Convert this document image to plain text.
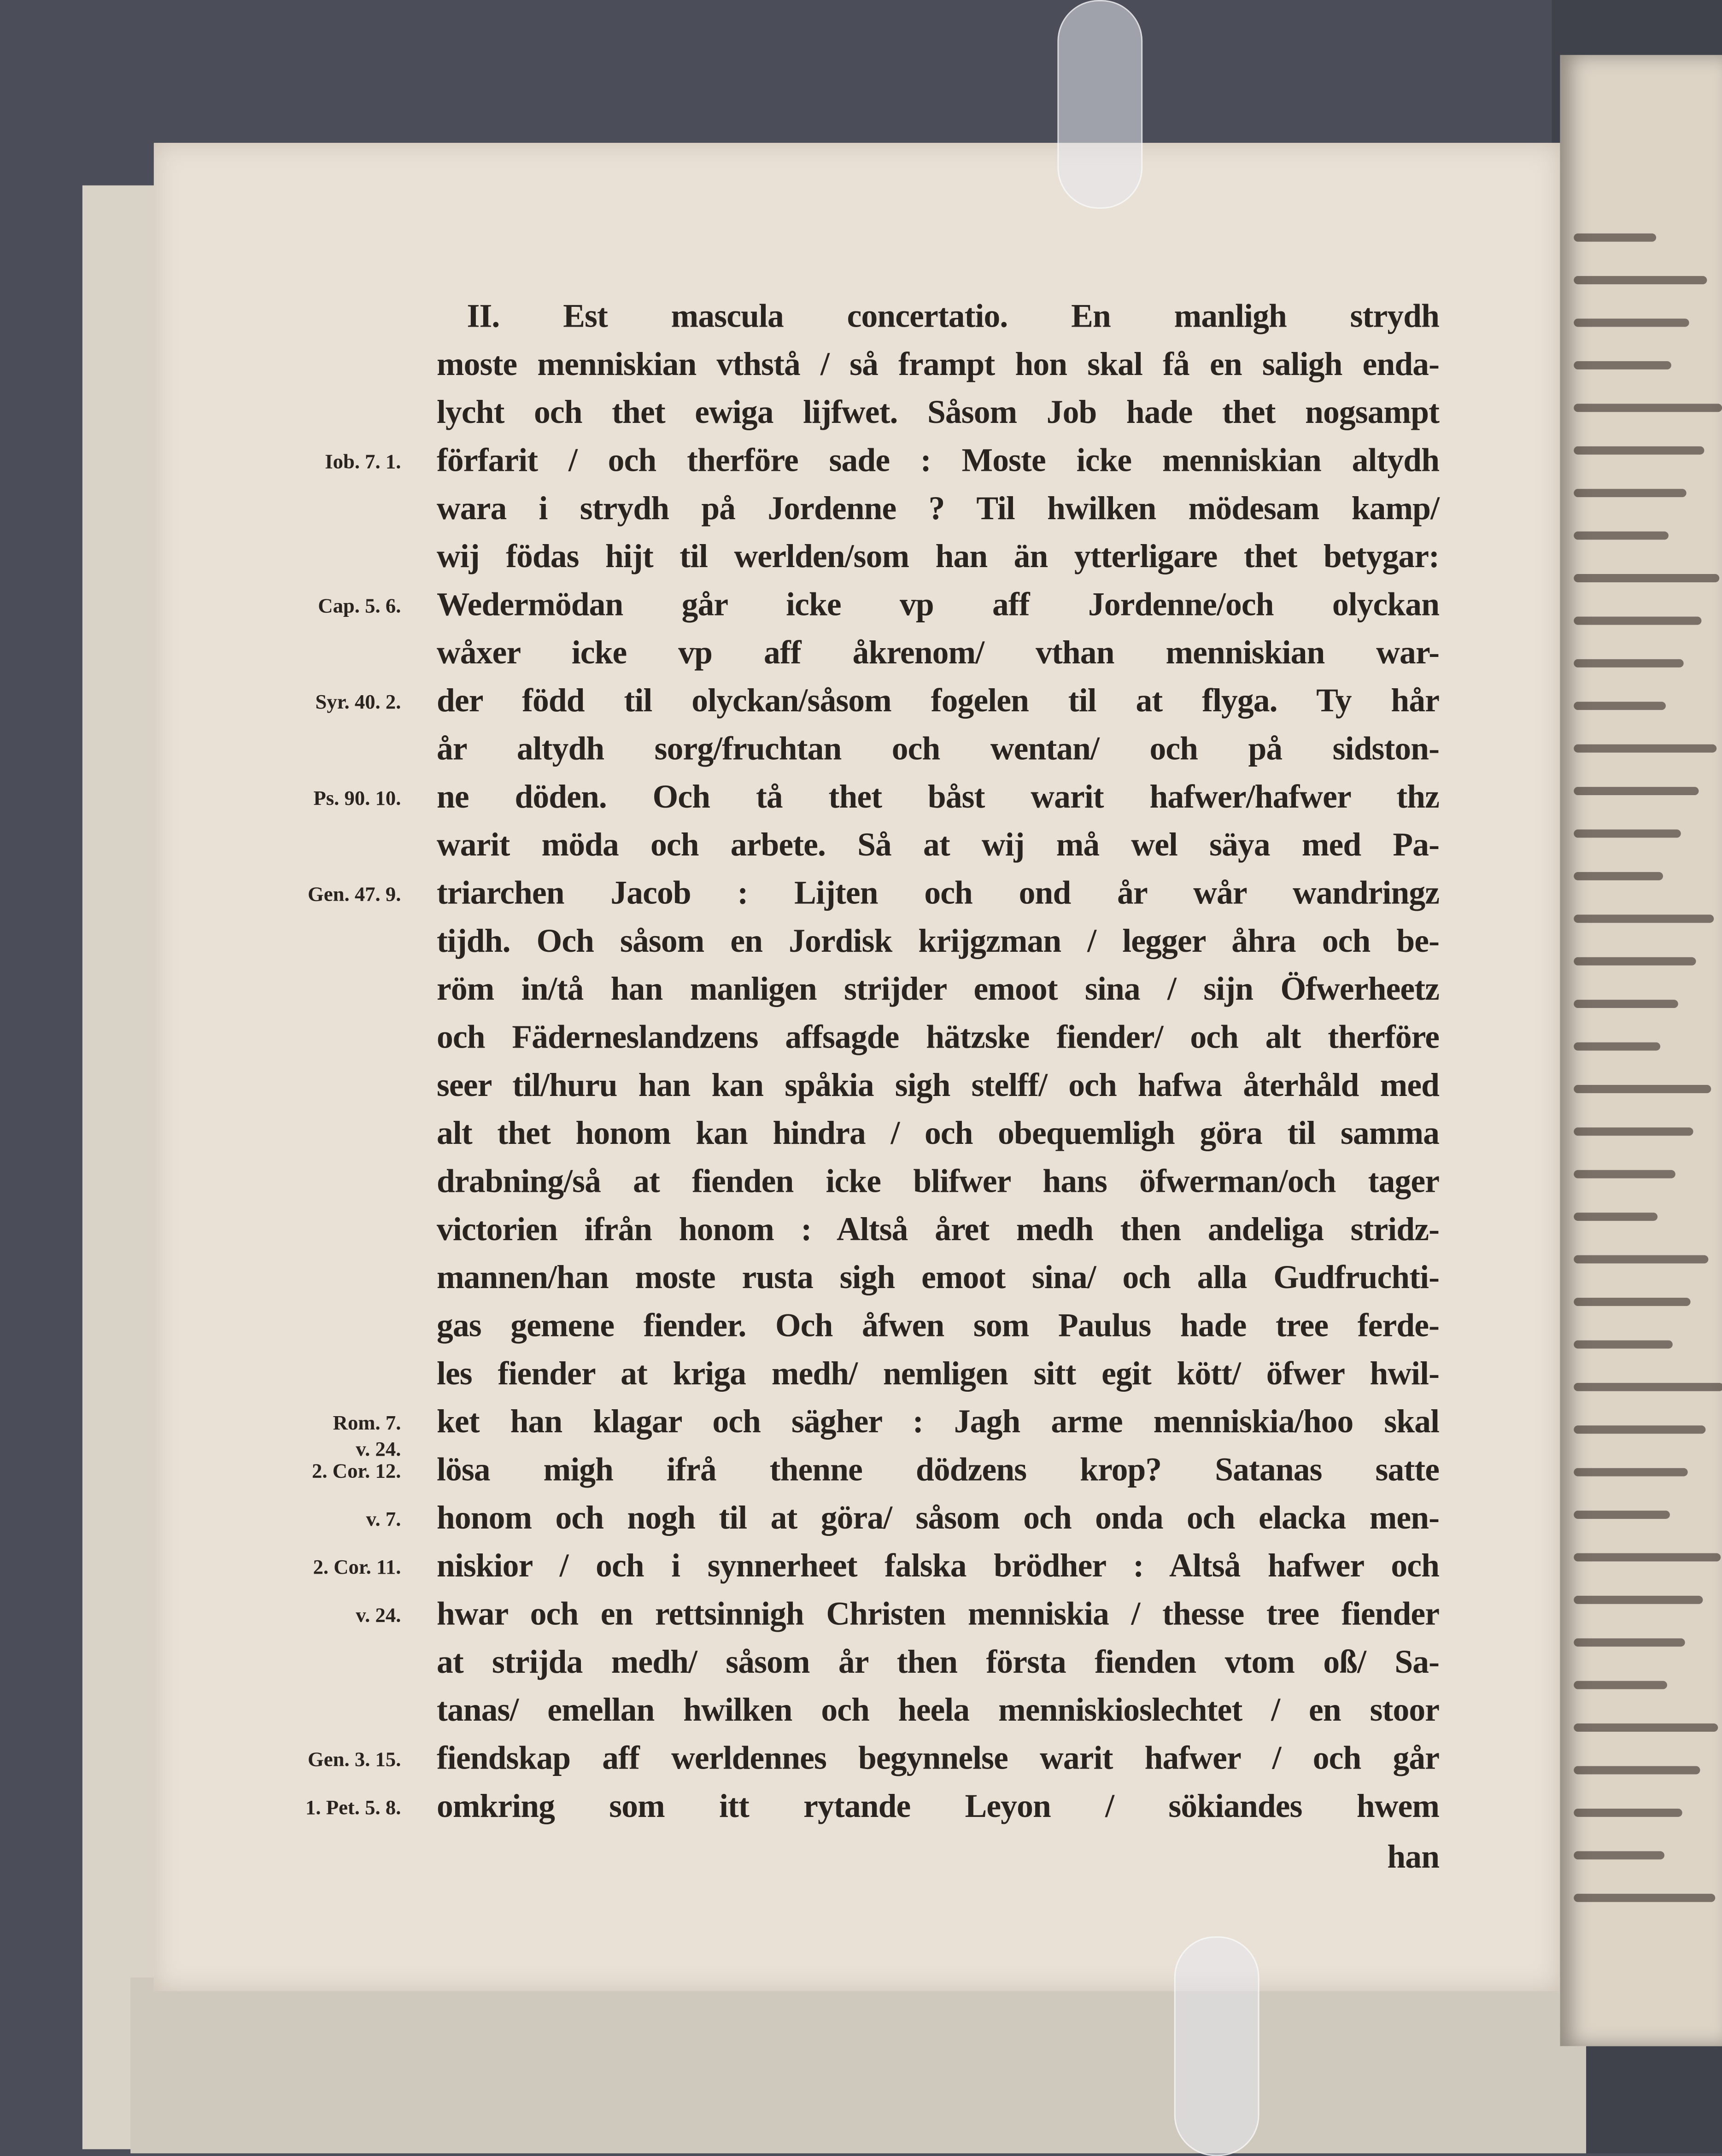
II. Est mascula concertatio. En manligh strydh
moste menniskian vthstå / så frampt hon skal få en saligh enda-
lycht och thet ewiga lijfwet. Såsom Job hade thet nogsampt
förfarit / och therföre sade : Moste icke menniskian altydh
wara i strydh på Jordenne ? Til hwilken mödesam kamp/
wij födas hijt til werlden/som han än ytterligare thet betygar:
Wedermödan går icke vp aff Jordenne/och olyckan
wåxer icke vp aff åkrenom/ vthan menniskian war-
der född til olyckan/såsom fogelen til at flyga. Ty hår
år altydh sorg/fruchtan och wentan/ och på sidston-
ne döden. Och tå thet båst warit hafwer/hafwer thz
warit möda och arbete. Så at wij må wel säya med Pa-
triarchen Jacob : Lijten och ond år wår wandringz
tijdh. Och såsom en Jordisk krijgzman / legger åhra och be-
röm in/tå han manligen strijder emoot sina / sijn Öfwerheetz
och Fäderneslandzens affsagde hätzske fiender/ och alt therföre
seer til/huru han kan spåkia sigh stelff/ och hafwa återhåld med
alt thet honom kan hindra / och obequemligh göra til samma
drabning/så at fienden icke blifwer hans öfwerman/och tager
victorien ifrån honom : Altså året medh then andeliga stridz-
mannen/han moste rusta sigh emoot sina/ och alla Gudfruchti-
gas gemene fiender. Och åfwen som Paulus hade tree ferde-
les fiender at kriga medh/ nemligen sitt egit kött/ öfwer hwil-
ket han klagar och sägher : Jagh arme menniskia/hoo skal
lösa migh ifrå thenne dödzens krop? Satanas satte
honom och nogh til at göra/ såsom och onda och elacka men-
niskior / och i synnerheet falska brödher : Altså hafwer och
hwar och en rettsinnigh Christen menniskia / thesse tree fiender
at strijda medh/ såsom år then första fienden vtom oß/ Sa-
tanas/ emellan hwilken och heela menniskioslechtet / en stoor
fiendskap aff werldennes begynnelse warit hafwer / och går
omkring som itt rytande Leyon / sökiandes hwem
v. 24.
han
Iob. 7. 1.
Cap. 5. 6.
Syr. 40. 2.
Ps. 90. 10.
Gen. 47. 9.
Rom. 7.
2. Cor. 12.
v. 7.
2. Cor. 11.
v. 24.
Gen. 3. 15.
1. Pet. 5. 8.
